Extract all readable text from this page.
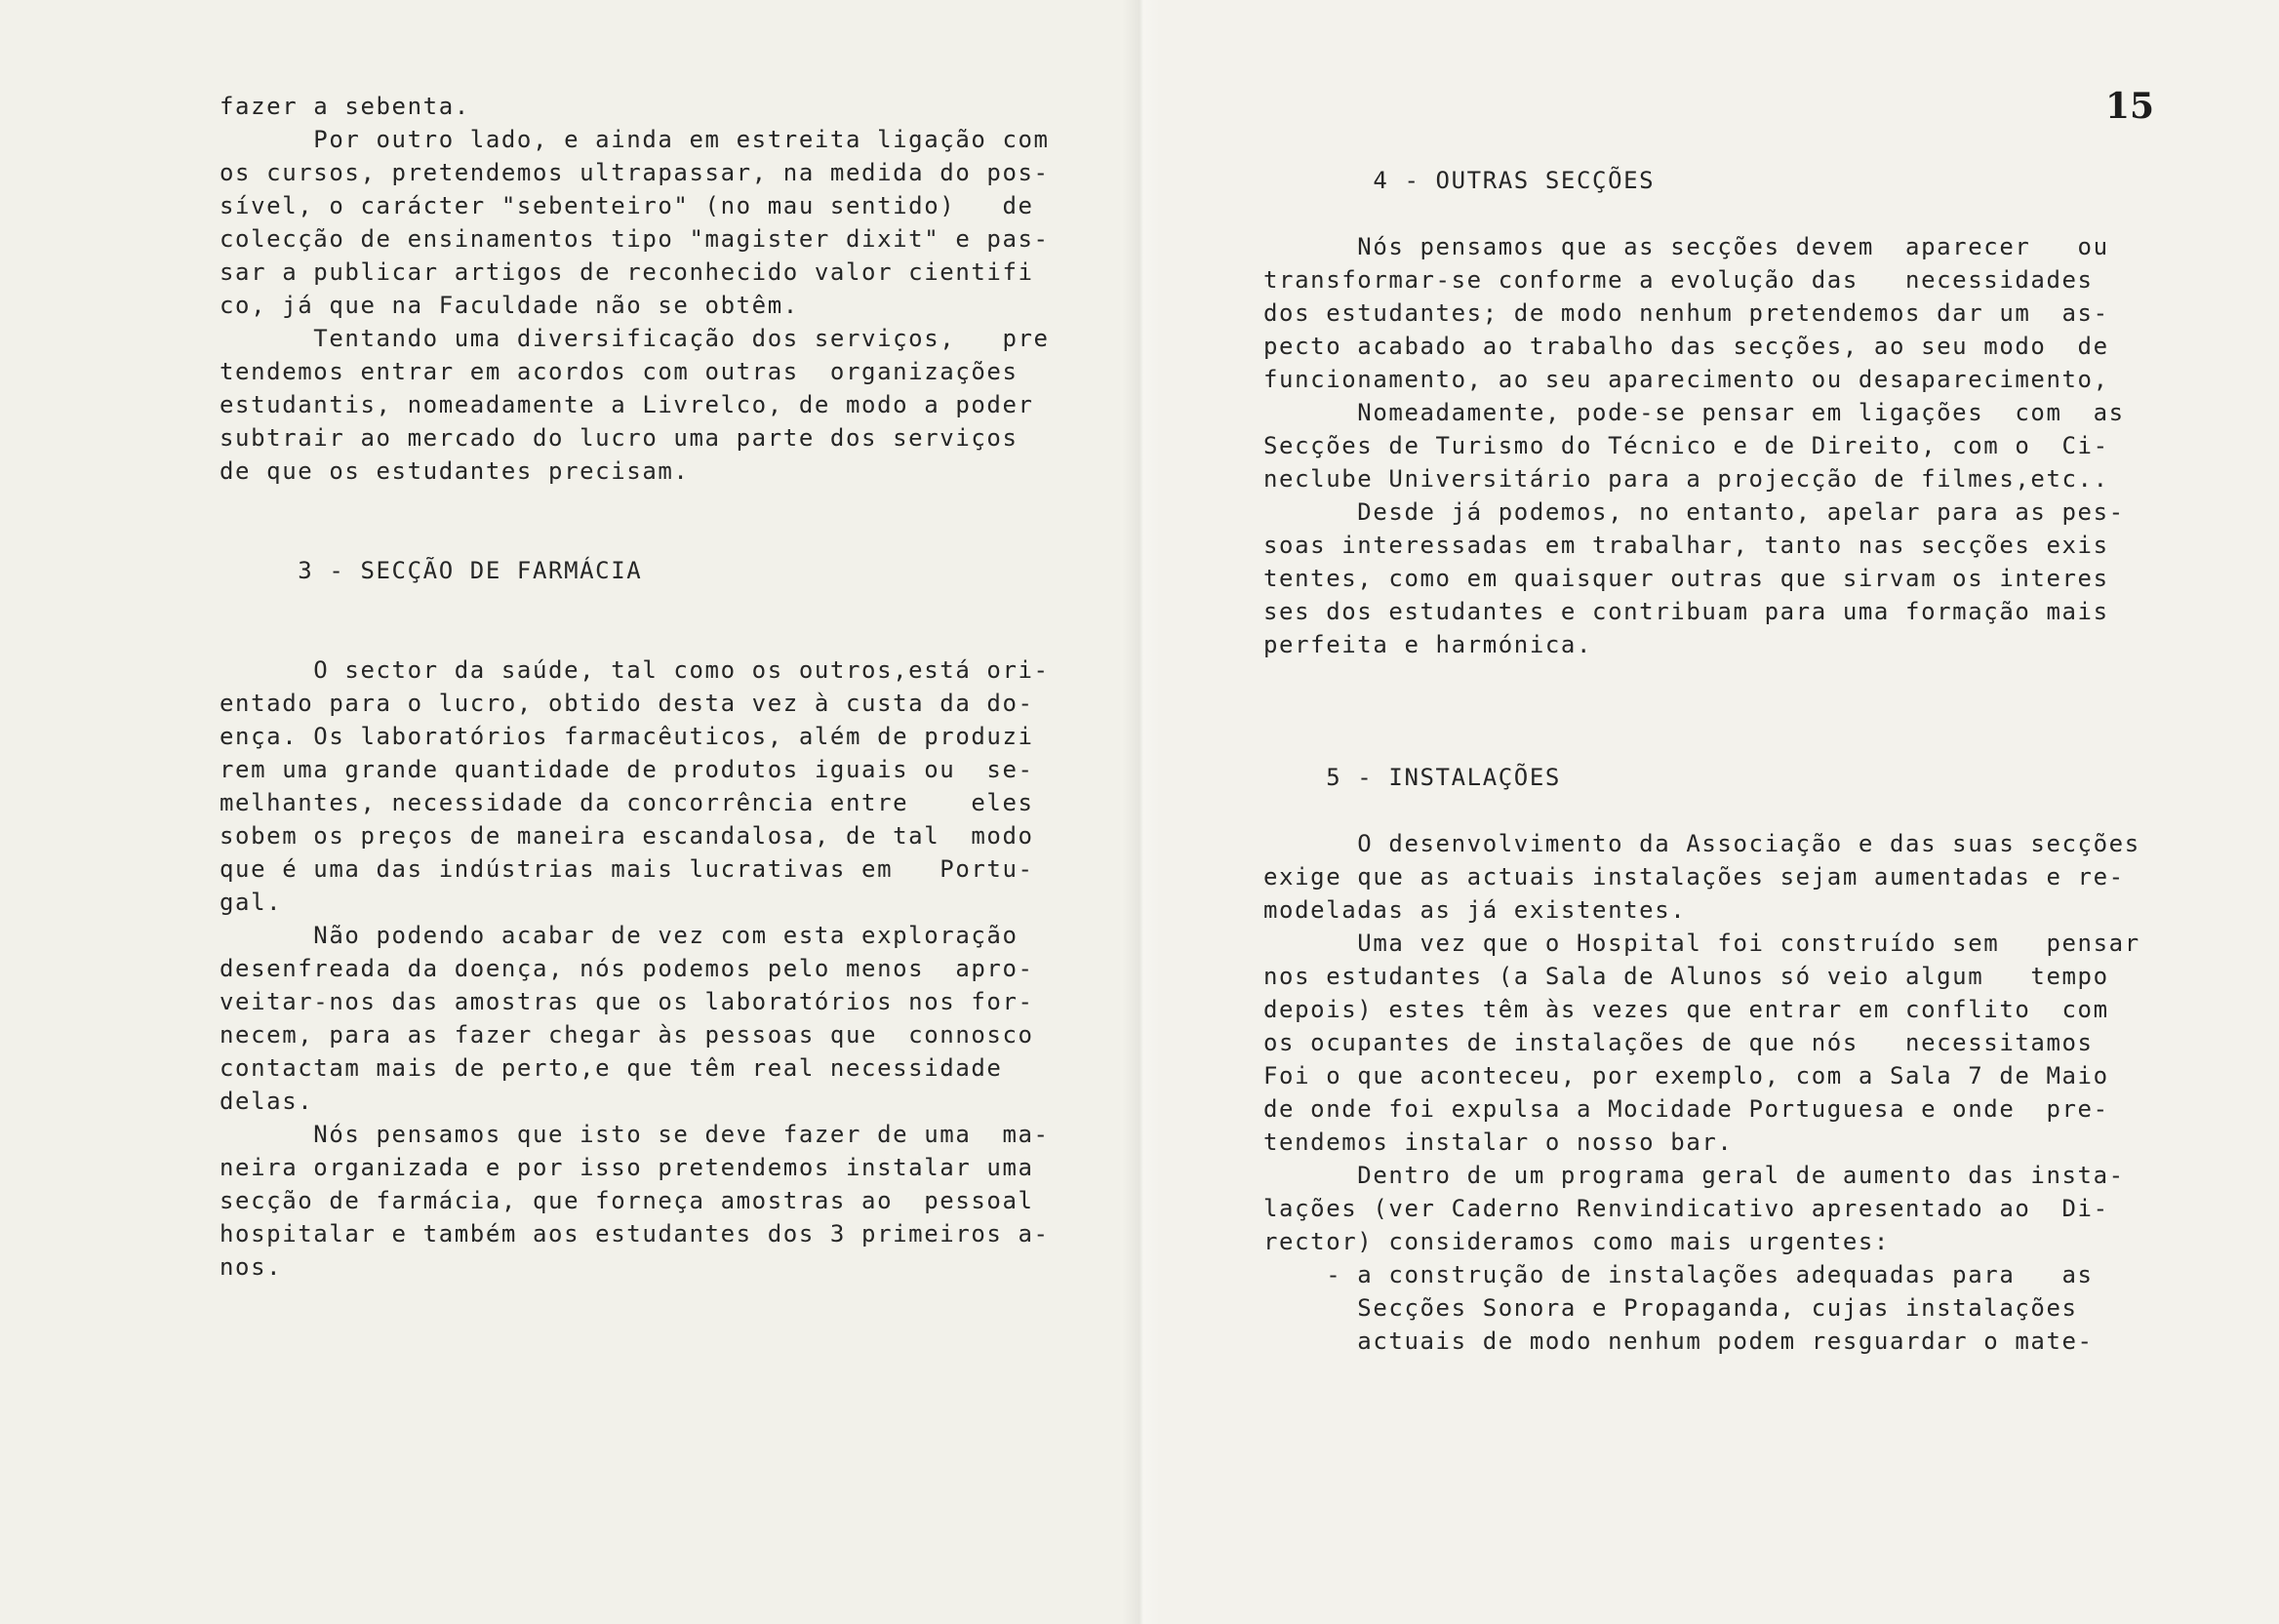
fazer a sebenta.
Por outro lado, e ainda em estreita ligação com
os cursos, pretendemos ultrapassar, na medida do pos-
sível, o carácter "sebenteiro" (no mau sentido)   de
colecção de ensinamentos tipo "magister dixit" e pas-
sar a publicar artigos de reconhecido valor cientifi
co, já que na Faculdade não se obtêm.
Tentando uma diversificação dos serviços,   pre
tendemos entrar em acordos com outras  organizações
estudantis, nomeadamente a Livrelco, de modo a poder
subtrair ao mercado do lucro uma parte dos serviços
de que os estudantes precisam.

3 - SECÇÃO DE FARMÁCIA

O sector da saúde, tal como os outros,está ori-
entado para o lucro, obtido desta vez à custa da do-
ença. Os laboratórios farmacêuticos, além de produzi
rem uma grande quantidade de produtos iguais ou  se-
melhantes, necessidade da concorrência entre    eles
sobem os preços de maneira escandalosa, de tal  modo
que é uma das indústrias mais lucrativas em   Portu-
gal.

Não podendo acabar de vez com esta exploração
desenfreada da doença, nós podemos pelo menos  apro-
veitar-nos das amostras que os laboratórios nos for-
necem, para as fazer chegar às pessoas que  connosco
contactam mais de perto,e que têm real necessidade
delas.

Nós pensamos que isto se deve fazer de uma  ma-
neira organizada e por isso pretendemos instalar uma
secção de farmácia, que forneça amostras ao  pessoal
hospitalar e também aos estudantes dos 3 primeiros a-
nos.

15
4 - OUTRAS SECÇÕES

Nós pensamos que as secções devem  aparecer   ou
transformar-se conforme a evolução das   necessidades
dos estudantes; de modo nenhum pretendemos dar um  as-
pecto acabado ao trabalho das secções, ao seu modo  de
funcionamento, ao seu aparecimento ou desaparecimento,
Nomeadamente, pode-se pensar em ligações  com  as
Secções de Turismo do Técnico e de Direito, com o  Ci-
neclube Universitário para a projecção de filmes,etc..
Desde já podemos, no entanto, apelar para as pes-
soas interessadas em trabalhar, tanto nas secções exis
tentes, como em quaisquer outras que sirvam os interes
ses dos estudantes e contribuam para uma formação mais
perfeita e harmónica.

5 - INSTALAÇÕES

O desenvolvimento da Associação e das suas secções
exige que as actuais instalações sejam aumentadas e re-
modeladas as já existentes.

Uma vez que o Hospital foi construído sem   pensar
nos estudantes (a Sala de Alunos só veio algum   tempo
depois) estes têm às vezes que entrar em conflito  com
os ocupantes de instalações de que nós   necessitamos
Foi o que aconteceu, por exemplo, com a Sala 7 de Maio
de onde foi expulsa a Mocidade Portuguesa e onde  pre-
tendemos instalar o nosso bar.

Dentro de um programa geral de aumento das insta-
lações (ver Caderno Renvindicativo apresentado ao  Di-
rector) consideramos como mais urgentes:

- a construção de instalações adequadas para   as
Secções Sonora e Propaganda, cujas instalações
actuais de modo nenhum podem resguardar o mate-
